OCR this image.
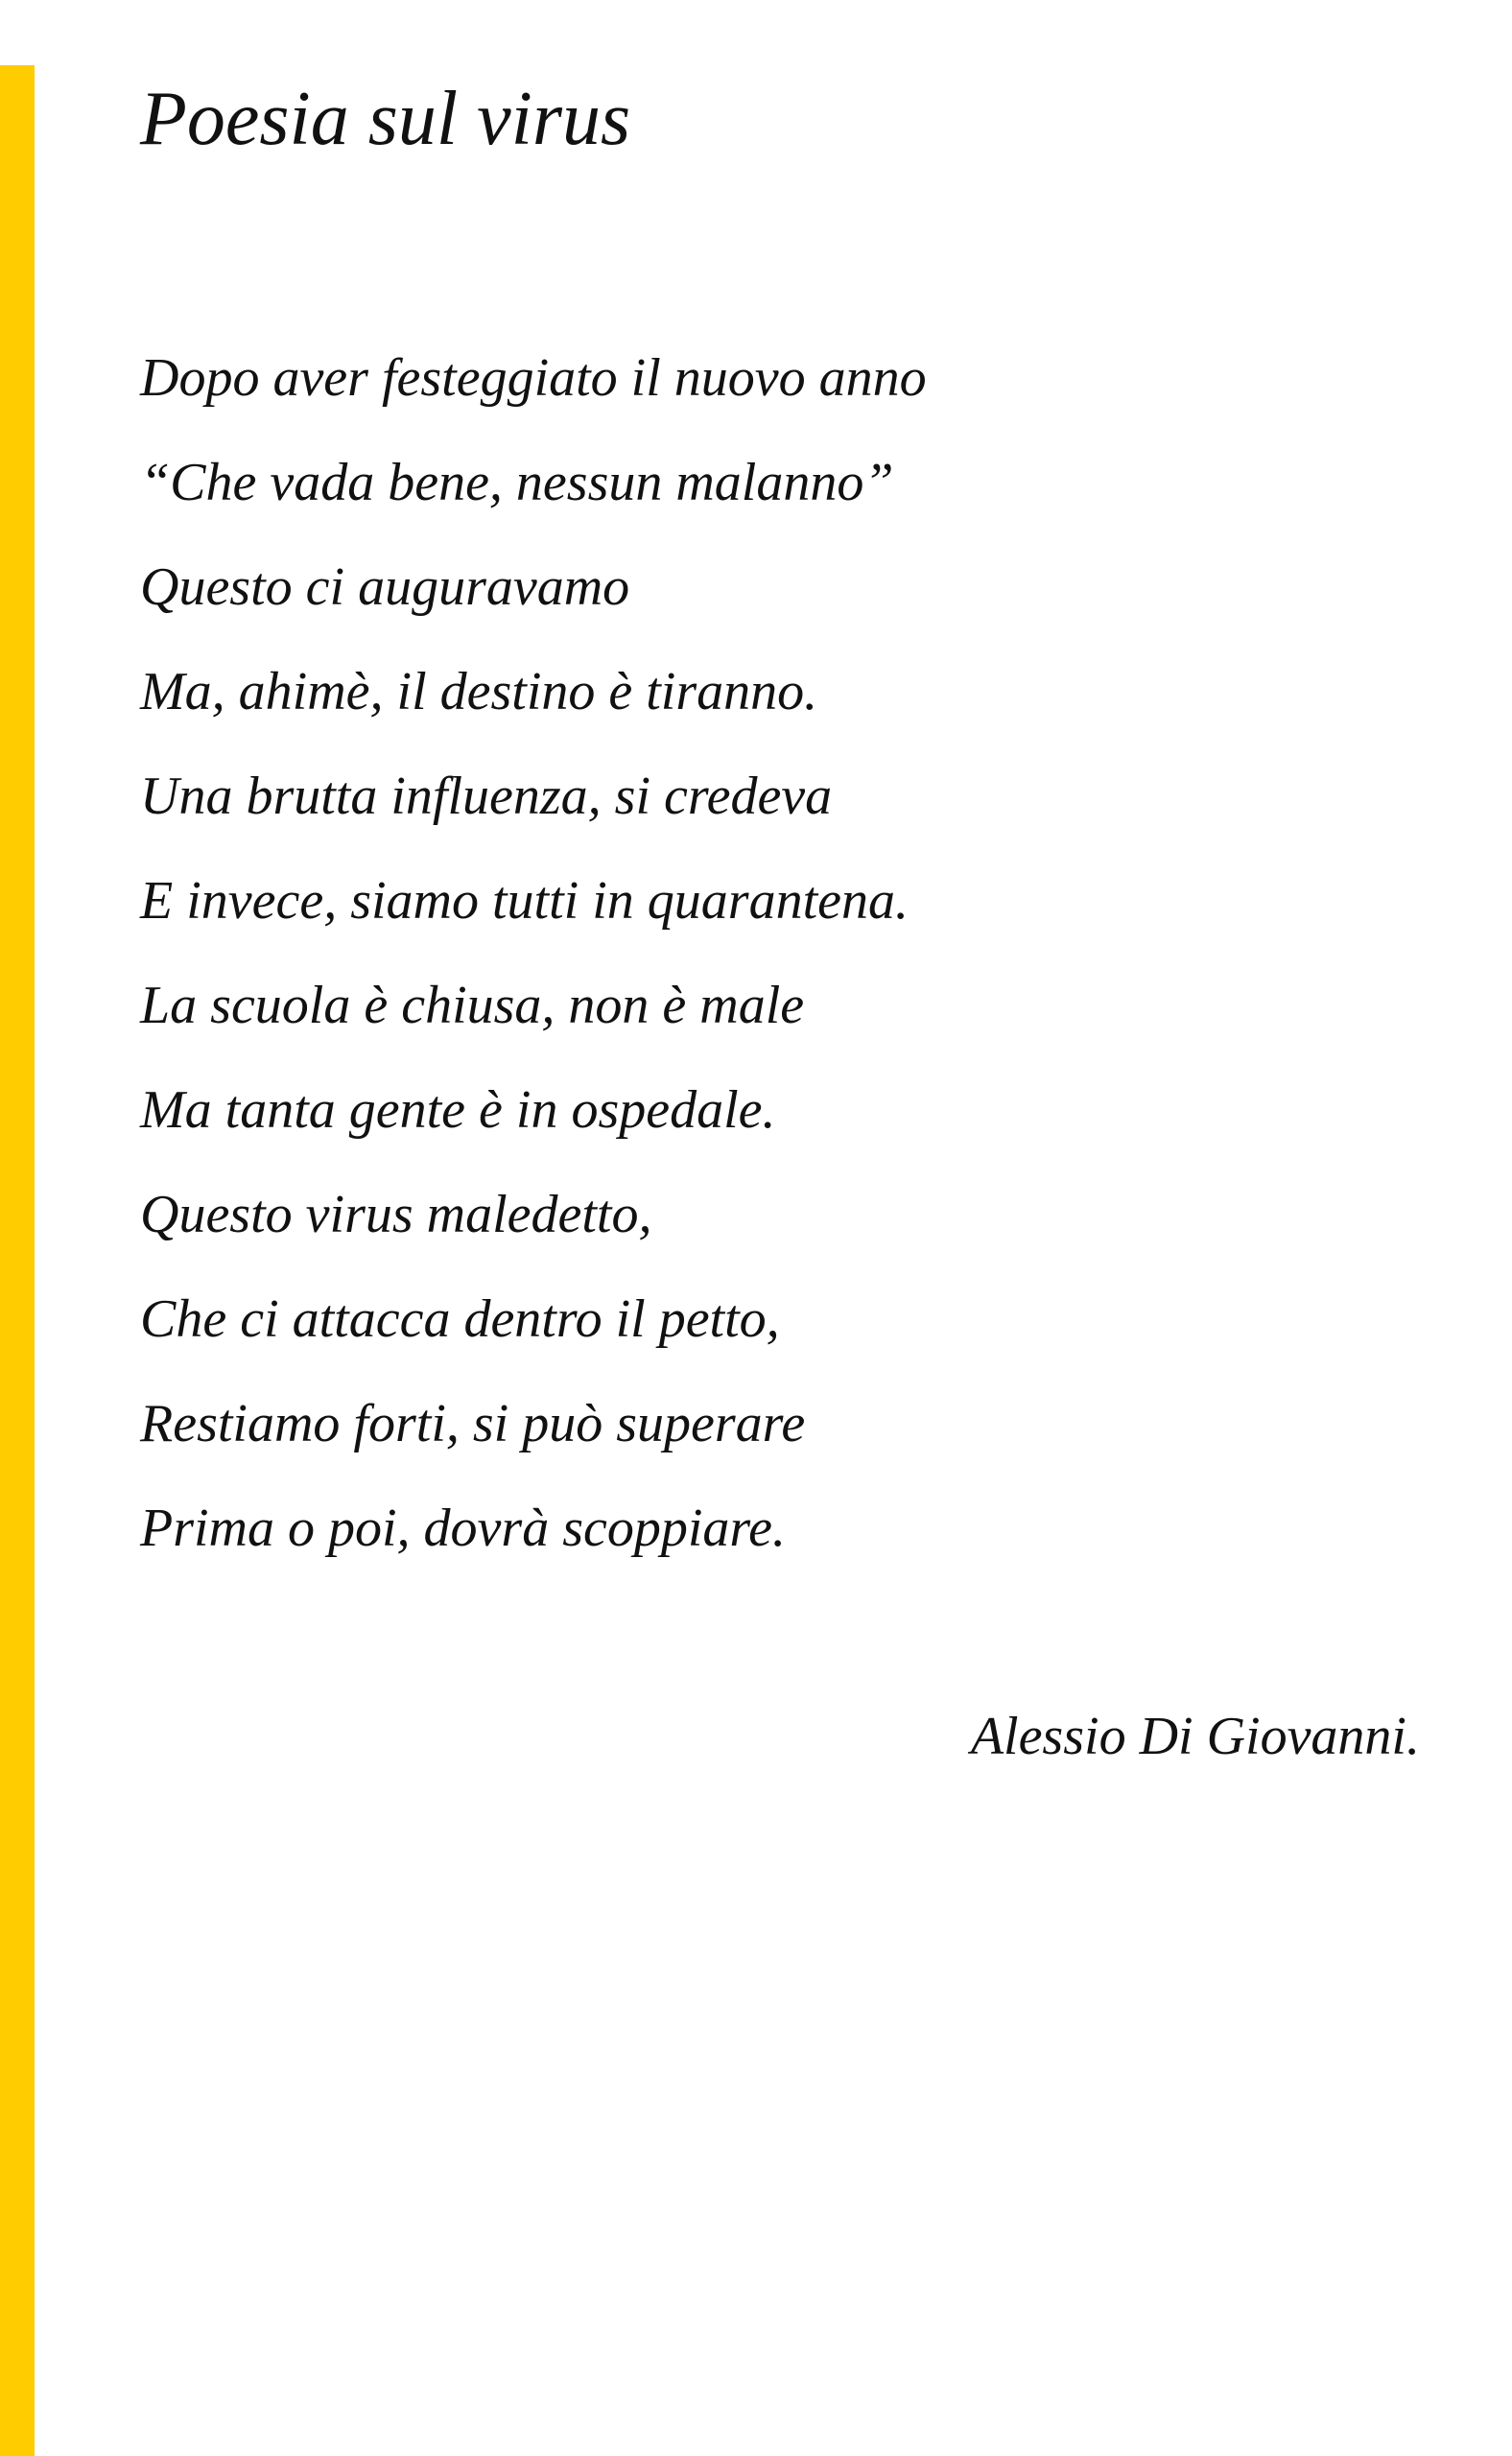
Poesia sul virus
Dopo aver festeggiato il nuovo anno
“Che vada bene, nessun malanno”
Questo ci auguravamo
Ma, ahimè, il destino è tiranno.
Una brutta influenza, si credeva
E invece, siamo tutti in quarantena.
La scuola è chiusa, non è male
Ma tanta gente è in ospedale.
Questo virus maledetto,
Che ci attacca dentro il petto,
Restiamo forti, si può superare
Prima o poi, dovrà scoppiare.
Alessio Di Giovanni.
